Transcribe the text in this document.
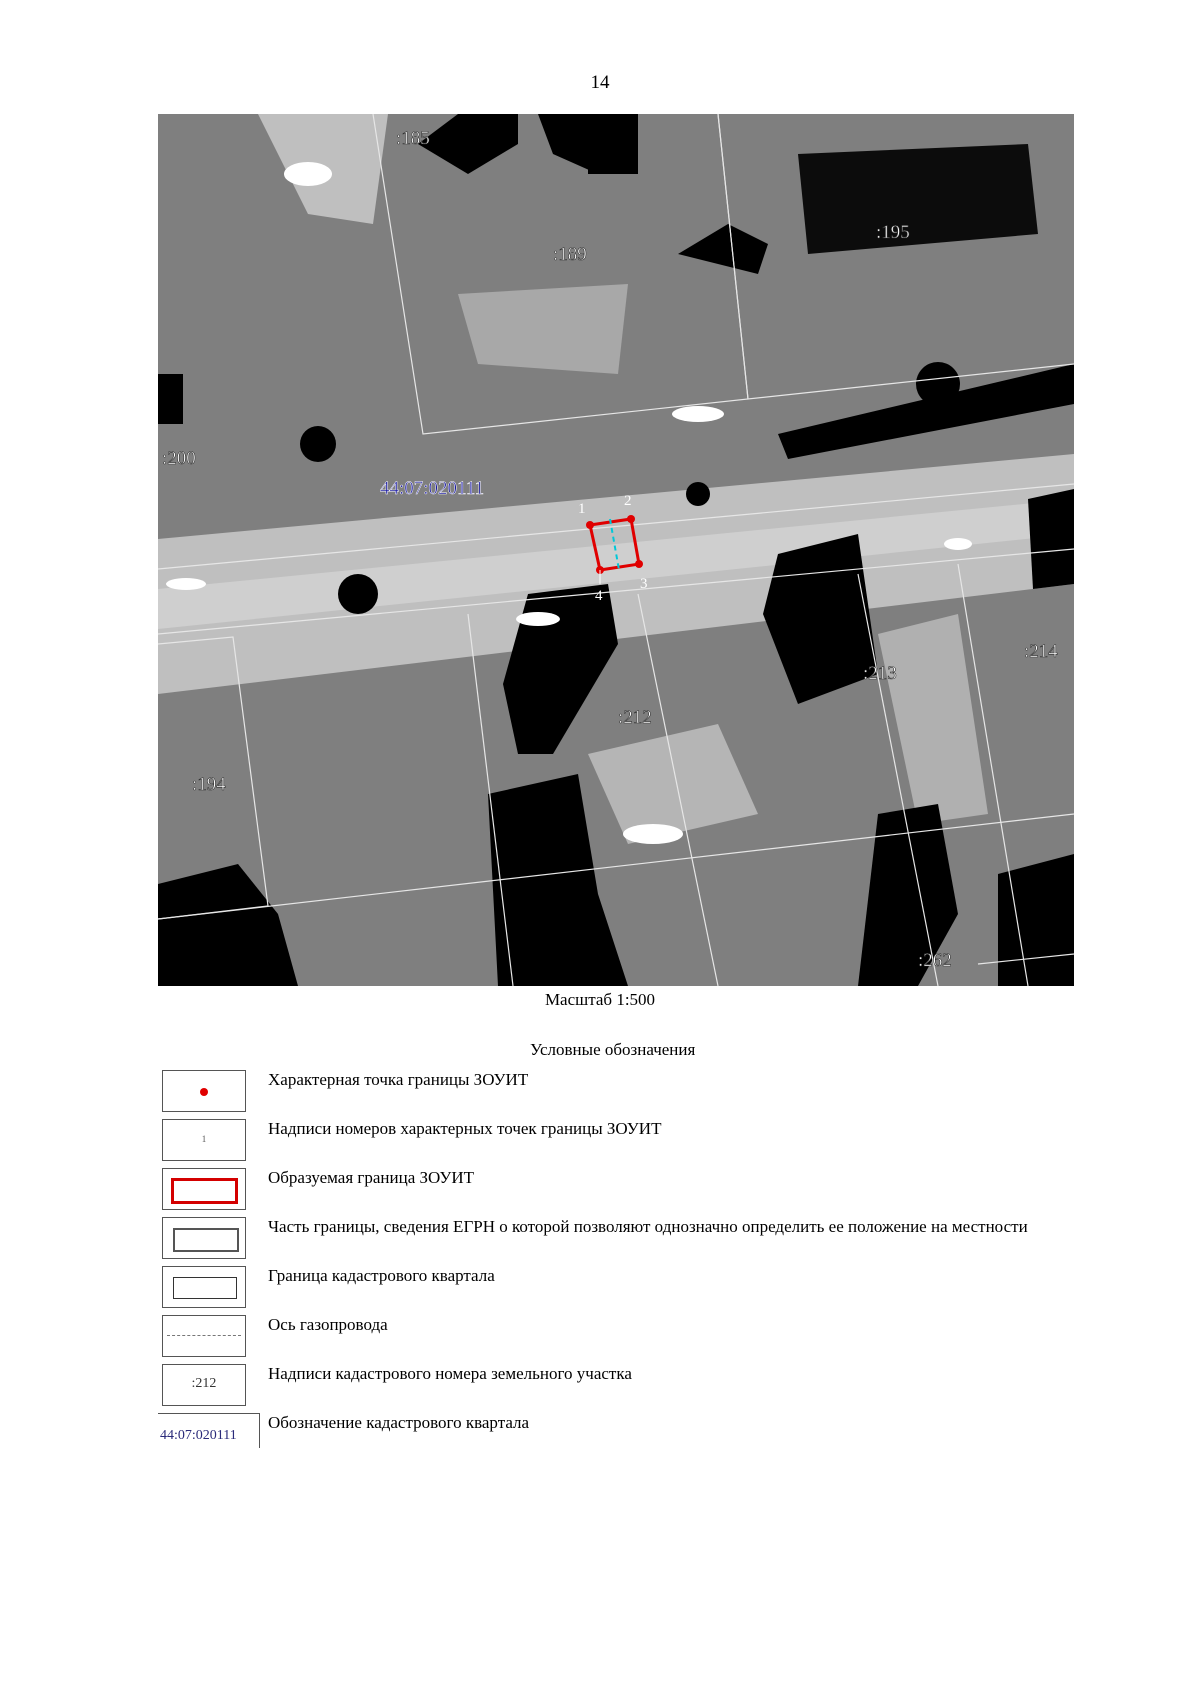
14
1	2
3
4
44:07:020111
:185
:189
:195
:200
:194
:212
:213
:214
:262
Масштаб 1:500
Условные обозначения
Характерная точка границы ЗОУИТ
1
Надписи номеров характерных точек границы ЗОУИТ
Образуемая граница ЗОУИТ
Часть границы, сведения ЕГРН о которой позволяют однозначно определить ее положение на местности
Граница кадастрового квартала
Ось газопровода
:212
Надписи кадастрового номера земельного участка
44:07:020111
Обозначение кадастрового квартала
